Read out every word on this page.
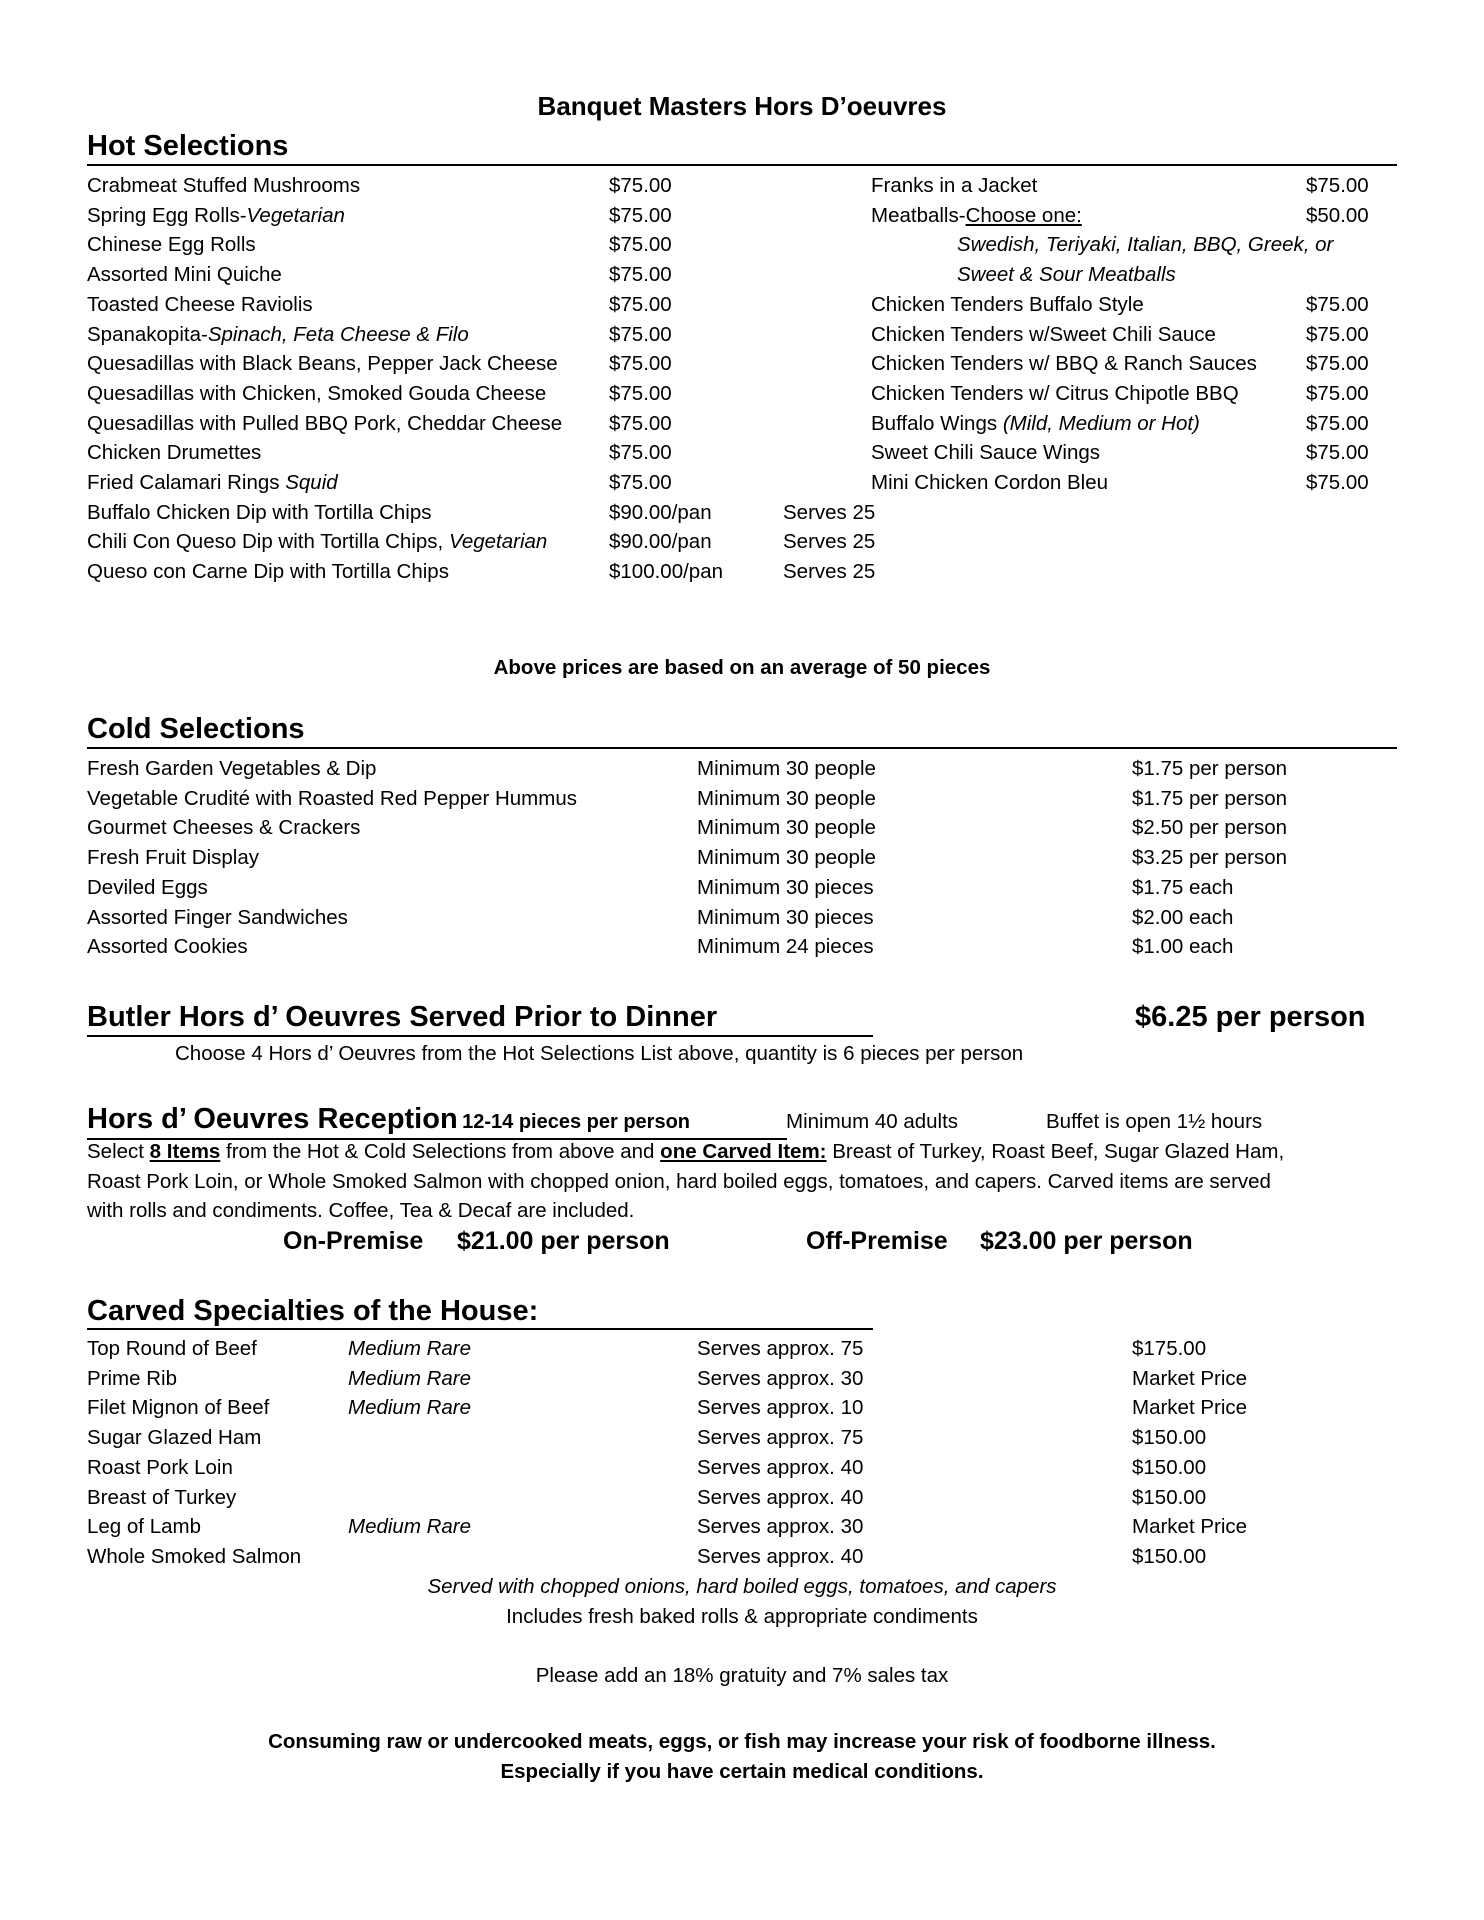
Banquet Masters Hors D’oeuvres
Hot Selections
Crabmeat Stuffed Mushrooms	$75.00
Spring Egg Rolls-Vegetarian	$75.00
Chinese Egg Rolls	$75.00
Assorted Mini Quiche	$75.00
Toasted Cheese Raviolis	$75.00
Spanakopita-Spinach, Feta Cheese & Filo	$75.00
Quesadillas with Black Beans, Pepper Jack Cheese	$75.00
Quesadillas with Chicken, Smoked Gouda Cheese	$75.00
Quesadillas with Pulled BBQ Pork, Cheddar Cheese $75.00
Chicken Drumettes	$75.00
Fried Calamari Rings Squid	$75.00
Buffalo Chicken Dip with Tortilla Chips	$90.00/pan	Serves 25
Chili Con Queso Dip with Tortilla Chips, Vegetarian	$90.00/pan	Serves 25
Queso con Carne Dip with Tortilla Chips	$100.00/pan	Serves 25
Franks in a Jacket	$75.00
Meatballs-Choose one:	$50.00
Swedish, Teriyaki, Italian, BBQ, Greek, or
Sweet & Sour Meatballs
Chicken Tenders Buffalo Style	$75.00
Chicken Tenders w/Sweet Chili Sauce	$75.00
Chicken Tenders w/ BBQ & Ranch Sauces $75.00
Chicken Tenders w/ Citrus Chipotle BBQ	$75.00
Buffalo Wings (Mild, Medium or Hot)	$75.00
Sweet Chili Sauce Wings	$75.00
Mini Chicken Cordon Bleu	$75.00
Above prices are based on an average of 50 pieces
Cold Selections
Fresh Garden Vegetables & Dip	Minimum 30 people	$1.75 per person
Vegetable Crudité with Roasted Red Pepper Hummus	Minimum 30 people	$1.75 per person
Gourmet Cheeses & Crackers	Minimum 30 people	$2.50 per person
Fresh Fruit Display	Minimum 30 people	$3.25 per person
Deviled Eggs	Minimum 30 pieces	$1.75 each
Assorted Finger Sandwiches	Minimum 30 pieces	$2.00 each
Assorted Cookies	Minimum 24 pieces	$1.00 each
Butler Hors d’ Oeuvres Served Prior to Dinner	$6.25 per person
Choose 4 Hors d’ Oeuvres from the Hot Selections List above, quantity is 6 pieces per person
Hors d’ Oeuvres Reception 12-14 pieces per person	Minimum 40 adults	Buffet is open 1½ hours
Select 8 Items from the Hot & Cold Selections from above and one Carved Item: Breast of Turkey, Roast Beef, Sugar Glazed Ham,
Roast Pork Loin, or Whole Smoked Salmon with chopped onion, hard boiled eggs, tomatoes, and capers. Carved items are served
with rolls and condiments. Coffee, Tea & Decaf are included.
On-Premise $21.00 per person	Off-Premise $23.00 per person
Carved Specialties of the House:
Top Round of Beef	Medium Rare	Serves approx. 75	$175.00
Prime Rib	Medium Rare	Serves approx. 30	Market Price
Filet Mignon of Beef	Medium Rare	Serves approx. 10	Market Price
Sugar Glazed Ham	Serves approx. 75	$150.00
Roast Pork Loin	Serves approx. 40	$150.00
Breast of Turkey	Serves approx. 40	$150.00
Leg of Lamb	Medium Rare	Serves approx. 30	Market Price
Whole Smoked Salmon	Serves approx. 40	$150.00
Served with chopped onions, hard boiled eggs, tomatoes, and capers
Includes fresh baked rolls & appropriate condiments
Please add an 18% gratuity and 7% sales tax
Consuming raw or undercooked meats, eggs, or fish may increase your risk of foodborne illness.
Especially if you have certain medical conditions.
